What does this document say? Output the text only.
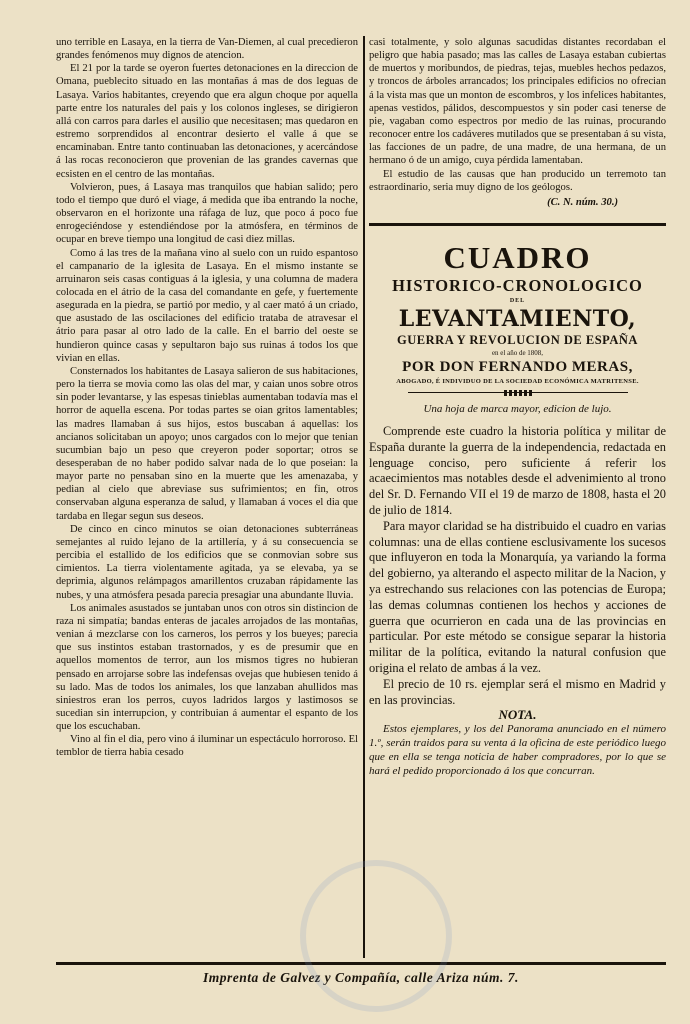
uno terrible en Lasaya, en la tierra de Van-Diemen, al cual precedieron grandes fenómenos muy dignos de atencion.

El 21 por la tarde se oyeron fuertes detonaciones en la direccion de Omana, pueblecito situado en las montañas á mas de dos leguas de Lasaya. Varios habitantes, creyendo que era algun choque por aquella parte entre los naturales del pais y los colonos ingleses, se dirigieron allá con carros para darles el ausilio que necesitasen; mas quedaron en estremo sorprendidos al encontrar desierto el valle á que se encaminaban. Entre tanto continuaban las detonaciones, y acercándose á las rocas reconocieron que provenian de las grandes cavernas que ecsisten en el centro de las montañas.

Volvieron, pues, á Lasaya mas tranquilos que habian salido; pero todo el tiempo que duró el viage, á medida que iba entrando la noche, observaron en el horizonte una ráfaga de luz, que poco á poco fue enrogeciéndose y estendiéndose por la atmósfera, en términos de ocupar en breve tiempo una longitud de casi diez millas.

Como á las tres de la mañana vino al suelo con un ruido espantoso el campanario de la iglesita de Lasaya. En el mismo instante se arruinaron seis casas contiguas á la iglesia, y una columna de madera colocada en el átrio de la casa del comandante en gefe, y fuertemente asegurada en la piedra, se partió por medio, y al caer mató á un criado, que asustado de las oscilaciones del edificio trataba de atravesar el átrio para pasar al otro lado de la calle. En el barrio del oeste se hundieron quince casas y sepultaron bajo sus ruinas á todos los que vivian en ellas.

Consternados los habitantes de Lasaya salieron de sus habitaciones, pero la tierra se movia como las olas del mar, y caian unos sobre otros sin poder levantarse, y las espesas tinieblas aumentaban todavía mas el horror de aquella escena. Por todas partes se oian gritos lamentables; las madres llamaban á sus hijos, estos buscaban á aquellas: los ancianos solicitaban un apoyo; unos cargados con lo mejor que tenian sucumbian bajo un peso que creyeron poder soportar; otros se desesperaban de no haber podido salvar nada de lo que poseian: la mayor parte no pensaban sino en la muerte que les amenazaba, y pedian al cielo que abreviase sus sufrimientos; en fin, otros conservaban alguna esperanza de salud, y llamaban á voces el dia que tardaba en llegar segun sus deseos.

De cinco en cinco minutos se oian detonaciones subterráneas semejantes al ruido lejano de la artillería, y á su consecuencia se percibia el estallido de los edificios que se conmovian sobre sus cimientos. La tierra violentamente agitada, ya se elevaba, ya se deprimia, algunos relámpagos amarillentos cruzaban rápidamente las nubes, y una atmósfera pesada parecia presagiar una abundante lluvia.

Los animales asustados se juntaban unos con otros sin distincion de raza ni simpatía; bandas enteras de jacales arrojados de las montañas, venian á mezclarse con los carneros, los perros y los bueyes; parecia que sus instintos estaban trastornados, y es de presumir que en aquellos momentos de terror, aun los mismos tigres no hubieran pensado en arrojarse sobre las indefensas ovejas que hubiesen tenido á su lado. Mas de todos los animales, los que lanzaban ahullidos mas siniestros eran los perros, cuyos ladridos largos y lastimosos se sucedian sin interrupcion, y contribuian á aumentar el espanto de los que los escuchaban.

Vino al fin el dia, pero vino á iluminar un espectáculo horroroso. El temblor de tierra habia cesado

casi totalmente, y solo algunas sacudidas distantes recordaban el peligro que habia pasado; mas las calles de Lasaya estaban cubiertas de muertos y moribundos, de piedras, tejas, muebles hechos pedazos, y troncos de árboles arrancados; los principales edificios no ofrecian á la vista mas que un monton de escombros, y los infelices habitantes, apenas vestidos, pálidos, descompuestos y sin poder casi tenerse de pie, vagaban como espectros por medio de las ruinas, procurando reconocer entre los cadáveres mutilados que se presentaban á su vista, las facciones de un padre, de una madre, de una hermana, de un hermano ó de un amigo, cuya pérdida lamentaban.

El estudio de las causas que han producido un terremoto tan estraordinario, seria muy digno de los geólogos.

(C. N. núm. 30.)
CUADRO
HISTORICO-CRONOLOGICO
DEL
LEVANTAMIENTO,
GUERRA Y REVOLUCION DE ESPAÑA
en el año de 1808,
POR DON FERNANDO MERAS,
ABOGADO, É INDIVIDUO DE LA SOCIEDAD ECONÓMICA MATRITENSE.
Una hoja de marca mayor, edicion de lujo.

Comprende este cuadro la historia política y militar de España durante la guerra de la independencia, redactada en lenguage conciso, pero suficiente á referir los acaecimientos mas notables desde el advenimiento al trono del Sr. D. Fernando VII el 19 de marzo de 1808, hasta el 20 de julio de 1814.

Para mayor claridad se ha distribuido el cuadro en varias columnas: una de ellas contiene esclusivamente los sucesos que influyeron en toda la Monarquía, ya variando la forma del gobierno, ya alterando el aspecto militar de la Nacion, y ya estrechando sus relaciones con las potencias de Europa; las demas columnas contienen los hechos y acciones de guerra que ocurrieron en cada una de las provincias en particular. Por este método se consigue separar la historia militar de la política, evitando la natural confusion que origina el relato de ambas á la vez.

El precio de 10 rs. ejemplar será el mismo en Madrid y en las provincias.

NOTA.

Estos ejemplares, y los del Panorama anunciado en el número 1.º, serán traidos para su venta á la oficina de este periódico luego que en ella se tenga noticia de haber compradores, por lo que se hará el pedido proporcionado á los que concurran.

Imprenta de Galvez y Compañía, calle Ariza núm. 7.
